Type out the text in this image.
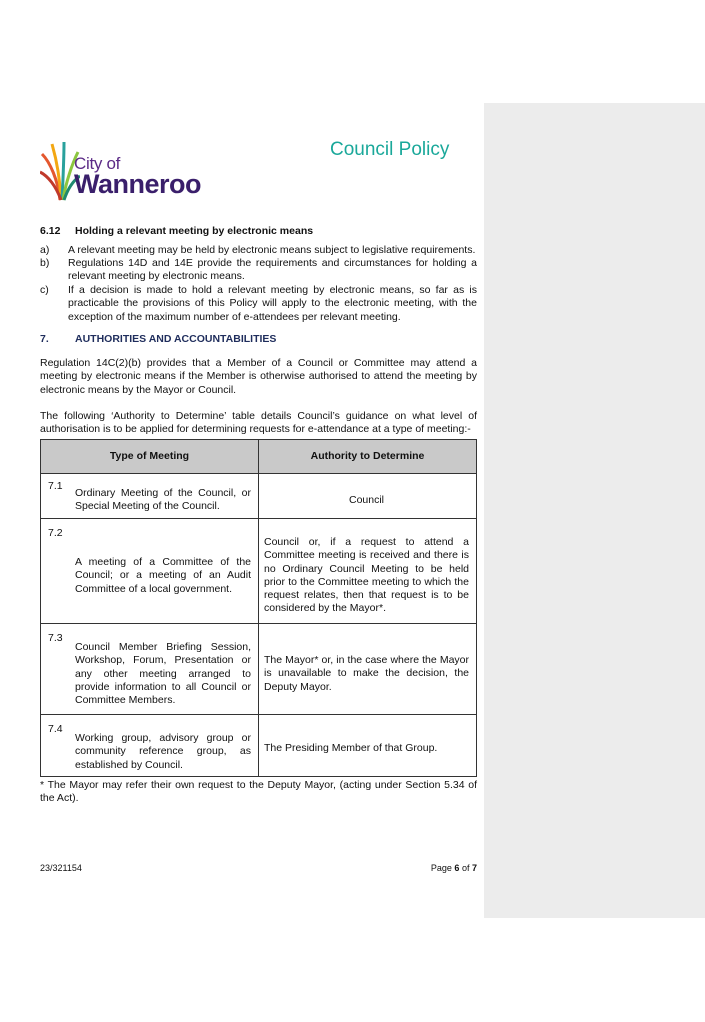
City of
Wanneroo
Council Policy
6.12 Holding a relevant meeting by electronic means
a) A relevant meeting may be held by electronic means subject to legislative requirements.
b) Regulations 14D and 14E provide the requirements and circumstances for holding a relevant meeting by electronic means.
c) If a decision is made to hold a relevant meeting by electronic means, so far as is practicable the provisions of this Policy will apply to the electronic meeting, with the exception of the maximum number of e-attendees per relevant meeting.
7. AUTHORITIES AND ACCOUNTABILITIES
Regulation 14C(2)(b) provides that a Member of a Council or Committee may attend a meeting by electronic means if the Member is otherwise authorised to attend the meeting by electronic means by the Mayor or Council.
The following ‘Authority to Determine’ table details Council’s guidance on what level of authorisation is to be applied for determining requests for e-attendance at a type of meeting:-
Type of Meeting	Authority to Determine

7.1
Ordinary Meeting of the Council, or Special Meeting of the Council.	Council

7.2
A meeting of a Committee of the Council; or a meeting of an Audit Committee of a local government.	Council or, if a request to attend a Committee meeting is received and there is no Ordinary Council Meeting to be held prior to the Committee meeting to which the request relates, then that request is to be considered by the Mayor*.

7.3
Council Member Briefing Session, Workshop, Forum, Presentation or any other meeting arranged to provide information to all Council or Committee Members.	The Mayor* or, in the case where the Mayor is unavailable to make the decision, the Deputy Mayor.

7.4
Working group, advisory group or community reference group, as established by Council.	The Presiding Member of that Group.
* The Mayor may refer their own request to the Deputy Mayor, (acting under Section 5.34 of the Act).
23/321154	Page 6 of 7
